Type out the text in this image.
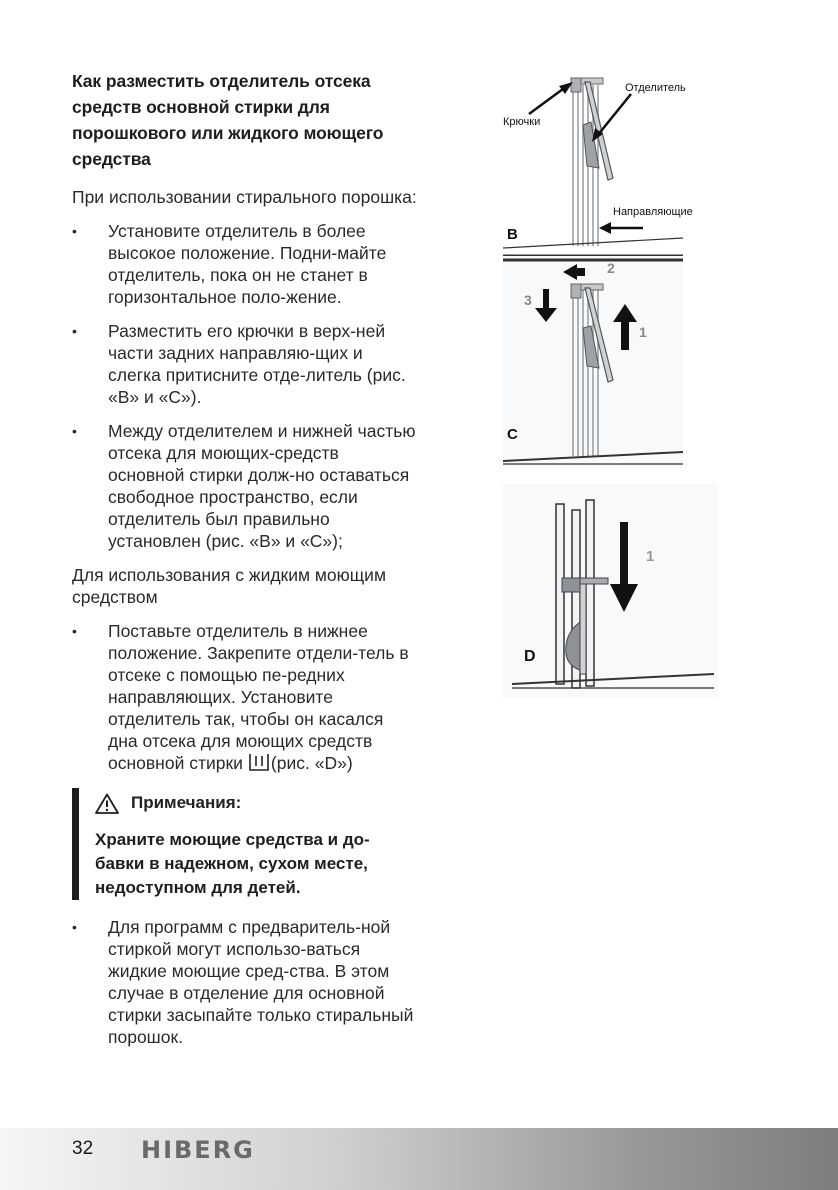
Как разместить отделитель отсека средств основной стирки для порошкового или жидкого моющего средства

При использовании стирального порошка:

• Установите отделитель в более высокое положение. Подни-майте отделитель, пока он не станет в горизонтальное поло-жение.
• Разместить его крючки в верх-ней части задних направляю-щих и слегка притисните отде-литель (рис. «B» и «C»).
• Между отделителем и нижней частью отсека для моющих-средств основной стирки долж-но оставаться свободное пространство, если отделитель был правильно установлен (рис. «B» и «C»);

Для использования с жидким моющим средством

• Поставьте отделитель в нижнее положение. Закрепите отдели-тель в отсеке с помощью пе-редних направляющих. Установите отделитель так, чтобы он касался дна отсека для моющих средств основной стирки (рис. «D»)
Примечания:
Храните моющие средства и до-бавки в надежном, сухом месте, недоступном для детей.
• Для программ с предваритель-ной стиркой могут использо-ваться жидкие моющие сред-ства. В этом случае в отделение для основной стирки засыпайте только стиральный порошок.
Отделитель
Крючки
Направляющие
B
2
3
1
C
1
D
32 HIBERG
